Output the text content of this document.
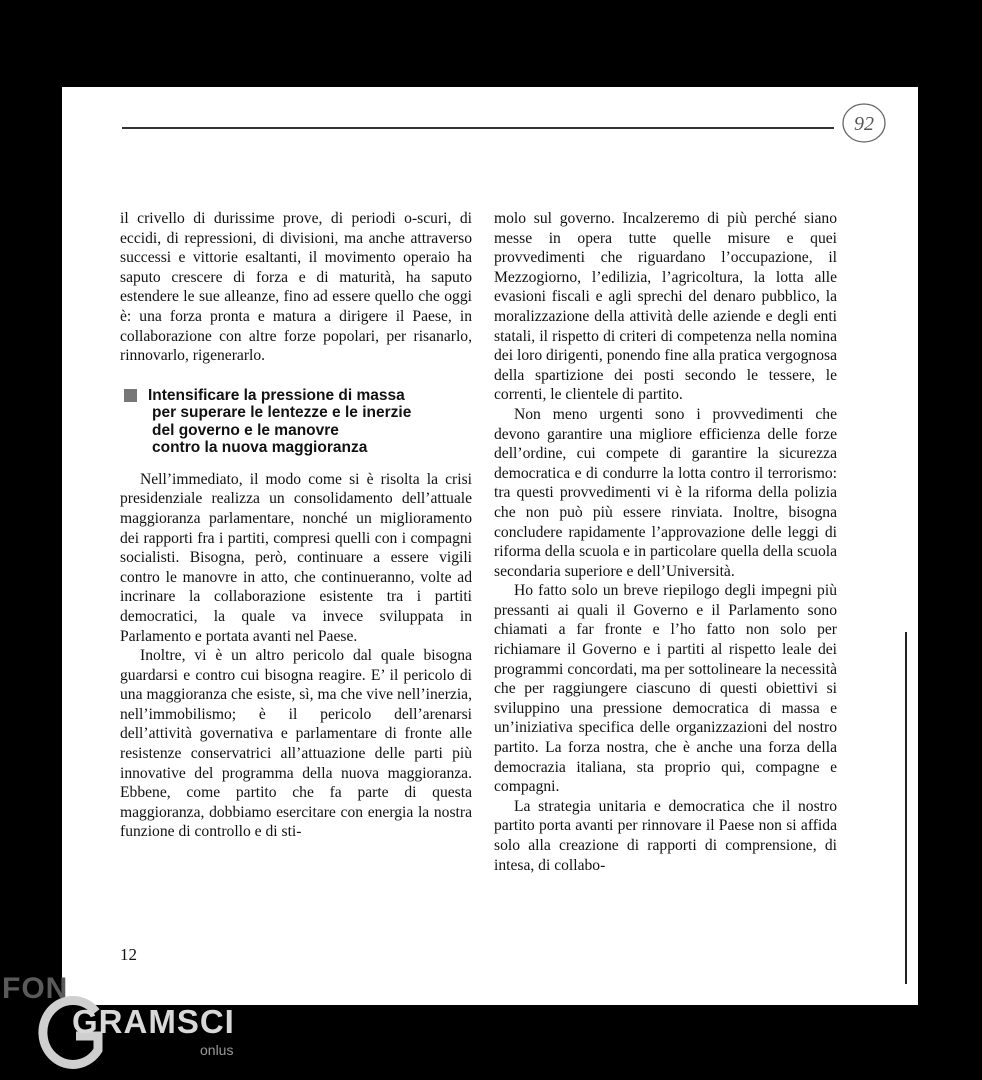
92

il crivello di durissime prove, di periodi o-scuri, di eccidi, di repressioni, di divisioni, ma anche attraverso successi e vittorie esaltanti, il movimento operaio ha saputo crescere di forza e di maturità, ha saputo estendere le sue alleanze, fino ad essere quello che oggi è: una forza pronta e matura a dirigere il Paese, in collaborazione con altre forze popolari, per risanarlo, rinnovarlo, rigenerarlo.

Intensificare la pressione di massa
per superare le lentezze e le inerzie
del governo e le manovre
contro la nuova maggioranza

Nell’immediato, il modo come si è risolta la crisi presidenziale realizza un consolidamento dell’attuale maggioranza parlamentare, nonché un miglioramento dei rapporti fra i partiti, compresi quelli con i compagni socialisti. Bisogna, però, continuare a essere vigili contro le manovre in atto, che continueranno, volte ad incrinare la collaborazione esistente tra i partiti democratici, la quale va invece sviluppata in Parlamento e portata avanti nel Paese.

Inoltre, vi è un altro pericolo dal quale bisogna guardarsi e contro cui bisogna reagire. E’ il pericolo di una maggioranza che esiste, sì, ma che vive nell’inerzia, nell’immobilismo; è il pericolo dell’arenarsi dell’attività governativa e parlamentare di fronte alle resistenze conservatrici all’attuazione delle parti più innovative del programma della nuova maggioranza. Ebbene, come partito che fa parte di questa maggioranza, dobbiamo esercitare con energia la nostra funzione di controllo e di sti-

molo sul governo. Incalzeremo di più perché siano messe in opera tutte quelle misure e quei provvedimenti che riguardano l’occupazione, il Mezzogiorno, l’edilizia, l’agricoltura, la lotta alle evasioni fiscali e agli sprechi del denaro pubblico, la moralizzazione della attività delle aziende e degli enti statali, il rispetto di criteri di competenza nella nomina dei loro dirigenti, ponendo fine alla pratica vergognosa della spartizione dei posti secondo le tessere, le correnti, le clientele di partito.

Non meno urgenti sono i provvedimenti che devono garantire una migliore efficienza delle forze dell’ordine, cui compete di garantire la sicurezza democratica e di condurre la lotta contro il terrorismo: tra questi provvedimenti vi è la riforma della polizia che non può più essere rinviata. Inoltre, bisogna concludere rapidamente l’approvazione delle leggi di riforma della scuola e in particolare quella della scuola secondaria superiore e dell’Università.

Ho fatto solo un breve riepilogo degli impegni più pressanti ai quali il Governo e il Parlamento sono chiamati a far fronte e l’ho fatto non solo per richiamare il Governo e i partiti al rispetto leale dei programmi concordati, ma per sottolineare la necessità che per raggiungere ciascuno di questi obiettivi si sviluppino una pressione democratica di massa e un’iniziativa specifica delle organizzazioni del nostro partito. La forza nostra, che è anche una forza della democrazia italiana, sta proprio qui, compagne e compagni.

La strategia unitaria e democratica che il nostro partito porta avanti per rinnovare il Paese non si affida solo alla creazione di rapporti di comprensione, di intesa, di collabo-

12
FON
GRAMSCI
onlus
